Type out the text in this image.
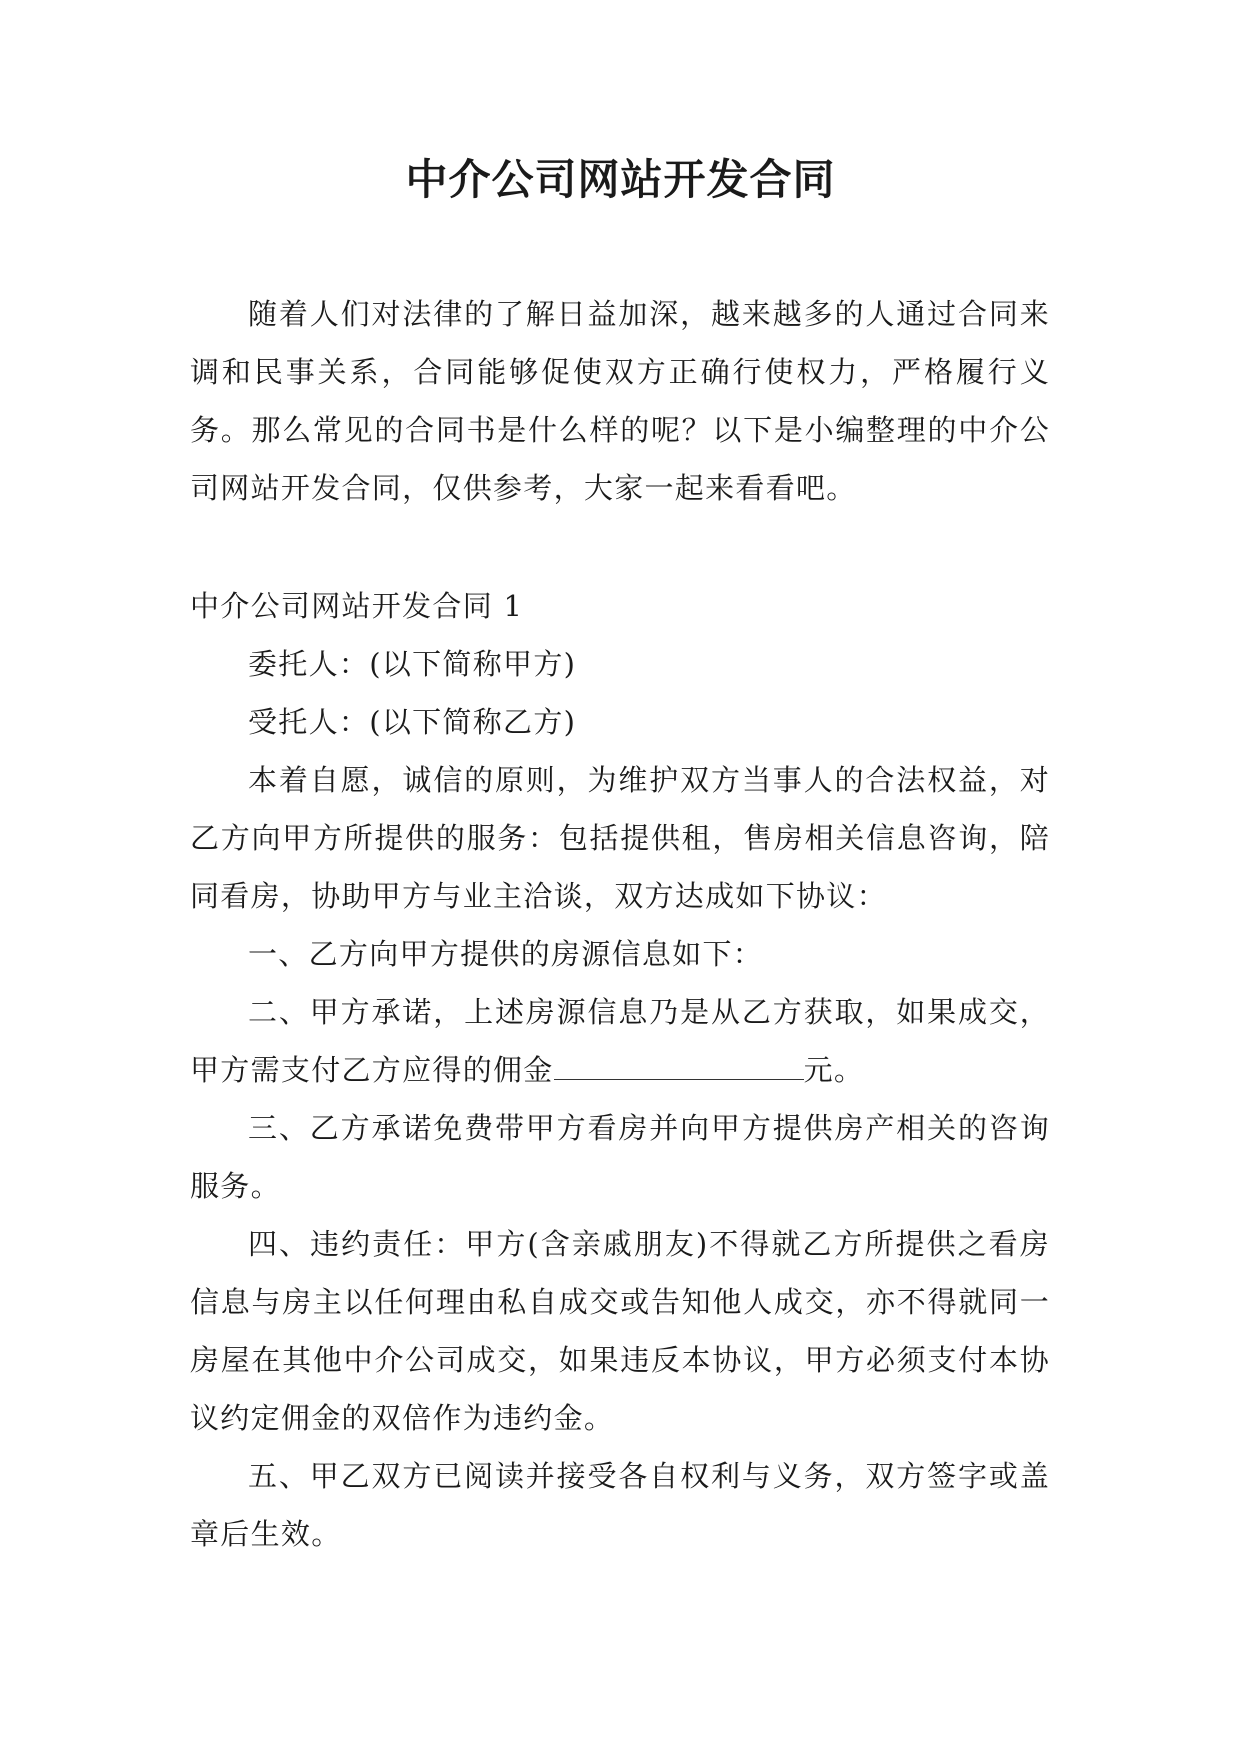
中介公司网站开发合同

随着人们对法律的了解日益加深，越来越多的人通过合同来调和民事关系，合同能够促使双方正确行使权力，严格履行义务。那么常见的合同书是什么样的呢？以下是小编整理的中介公司网站开发合同，仅供参考，大家一起来看看吧。

中介公司网站开发合同 1

委托人：(以下简称甲方)

受托人：(以下简称乙方)

本着自愿，诚信的原则，为维护双方当事人的合法权益，对乙方向甲方所提供的服务：包括提供租，售房相关信息咨询，陪同看房，协助甲方与业主洽谈，双方达成如下协议：

一、乙方向甲方提供的房源信息如下：

二、甲方承诺，上述房源信息乃是从乙方获取，如果成交，甲方需支付乙方应得的佣金	元。

三、乙方承诺免费带甲方看房并向甲方提供房产相关的咨询服务。

四、违约责任：甲方(含亲戚朋友)不得就乙方所提供之看房信息与房主以任何理由私自成交或告知他人成交，亦不得就同一房屋在其他中介公司成交，如果违反本协议，甲方必须支付本协议约定佣金的双倍作为违约金。

五、甲乙双方已阅读并接受各自权利与义务，双方签字或盖章后生效。
